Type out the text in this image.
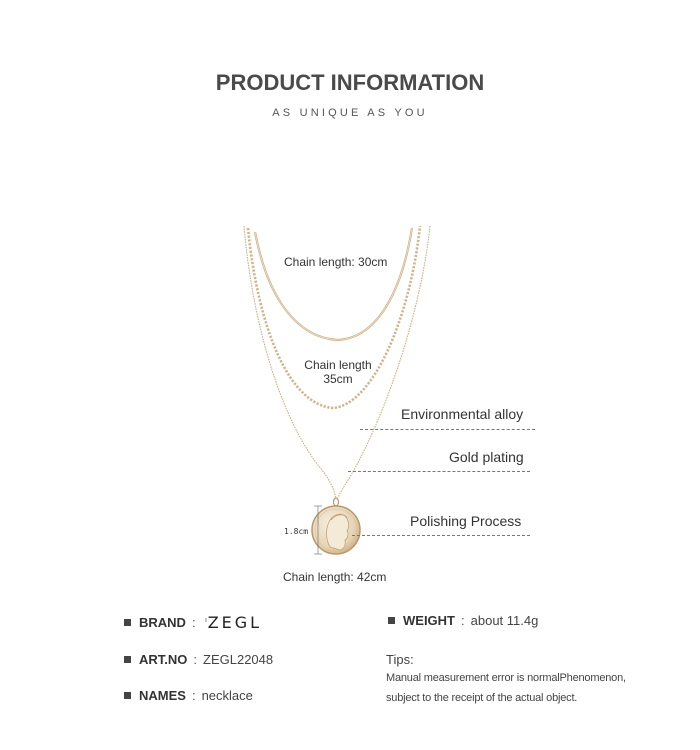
PRODUCT INFORMATION
AS UNIQUE AS YOU
Chain length: 30cm
Chain length
35cm
Chain length: 42cm
1.8cm
Environmental alloy
Gold plating
Polishing Process
BRAND : $^I$ZEGL
ART.NO : ZEGL22048
NAMES : necklace
WEIGHT : about 11.4g
Tips:
Manual measurement error is normalPhenomenon,
subject to the receipt of the actual object.
